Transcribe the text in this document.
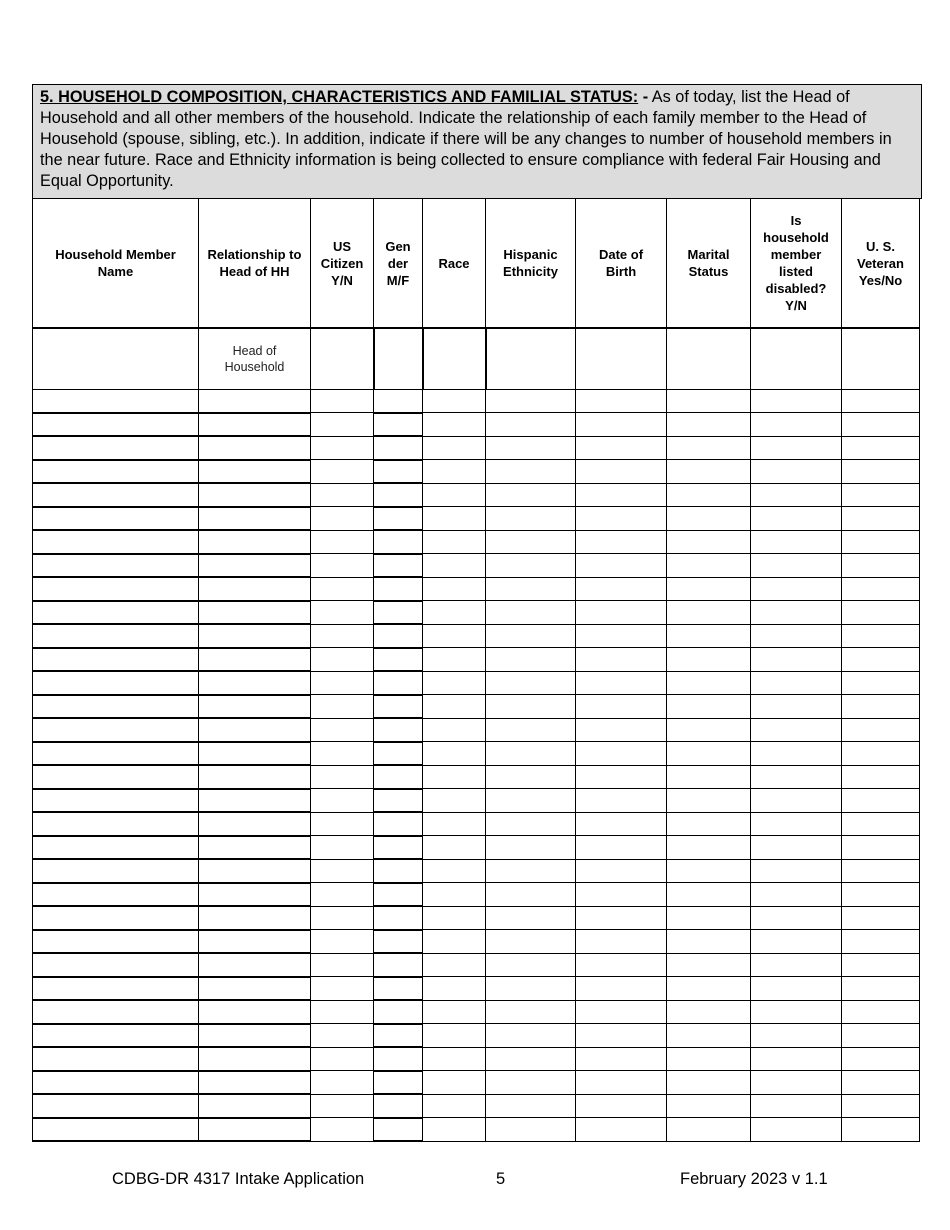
5. HOUSEHOLD COMPOSITION, CHARACTERISTICS AND FAMILIAL STATUS: - As of today, list the Head of Household and all other members of the household. Indicate the relationship of each family member to the Head of Household (spouse, sibling, etc.). In addition, indicate if there will be any changes to number of household members in the near future. Race and Ethnicity information is being collected to ensure compliance with federal Fair Housing and Equal Opportunity.
Household Member Name	Relationship to Head of HH	US Citizen Y/N	Gen der M/F	Race	Hispanic Ethnicity	Date of Birth	Marital Status	Is household member listed disabled? Y/N	U. S. Veteran Yes/No
	Head of Household								

CDBG-DR 4317 Intake Application	5	February 2023 v 1.1
